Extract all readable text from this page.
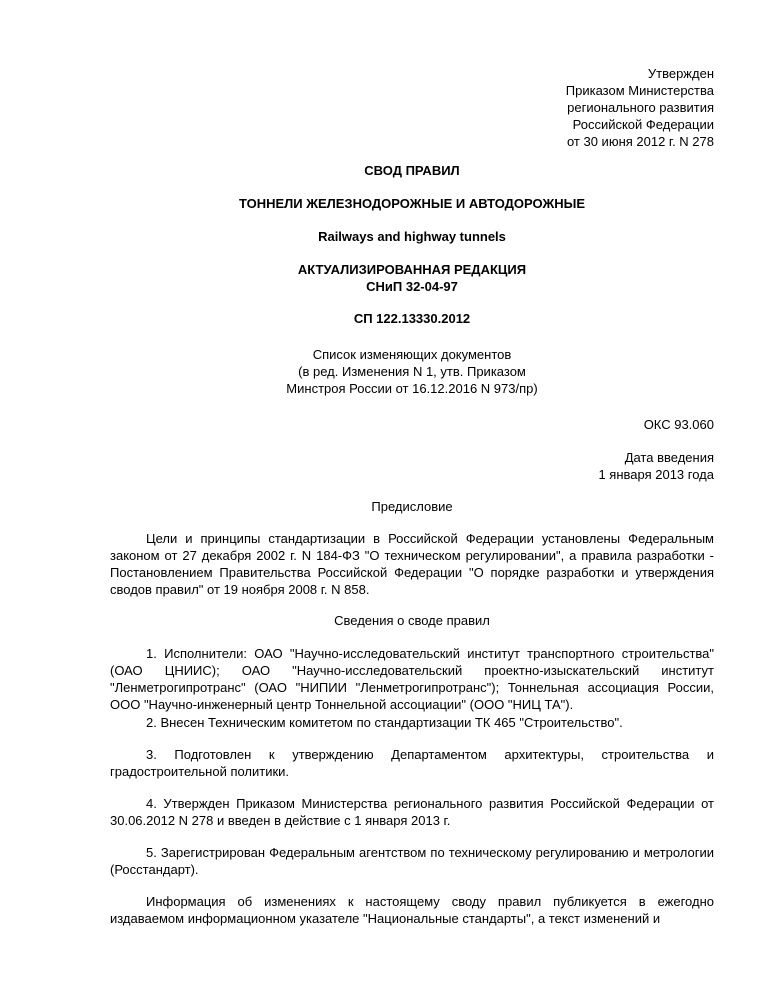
Утвержден
Приказом Министерства
регионального развития
Российской Федерации
от 30 июня 2012 г. N 278
СВОД ПРАВИЛ
ТОННЕЛИ ЖЕЛЕЗНОДОРОЖНЫЕ И АВТОДОРОЖНЫЕ
Railways and highway tunnels
АКТУАЛИЗИРОВАННАЯ РЕДАКЦИЯ
СНиП 32-04-97
СП 122.13330.2012
Список изменяющих документов
(в ред. Изменения N 1, утв. Приказом
Минстроя России от 16.12.2016 N 973/пр)
ОКС 93.060
Дата введения
1 января 2013 года
Предисловие
Цели и принципы стандартизации в Российской Федерации установлены Федеральным законом от 27 декабря 2002 г. N 184-ФЗ "О техническом регулировании", а правила разработки - Постановлением Правительства Российской Федерации "О порядке разработки и утверждения сводов правил" от 19 ноября 2008 г. N 858.
Сведения о своде правил
1. Исполнители: ОАО "Научно-исследовательский институт транспортного строительства" (ОАО ЦНИИС); ОАО "Научно-исследовательский проектно-изыскательский институт "Ленметрогипротранс" (ОАО "НИПИИ "Ленметрогипротранс"); Тоннельная ассоциация России, ООО "Научно-инженерный центр Тоннельной ассоциации" (ООО "НИЦ ТА").
2. Внесен Техническим комитетом по стандартизации ТК 465 "Строительство".
3. Подготовлен к утверждению Департаментом архитектуры, строительства и градостроительной политики.
4. Утвержден Приказом Министерства регионального развития Российской Федерации от 30.06.2012 N 278 и введен в действие с 1 января 2013 г.
5. Зарегистрирован Федеральным агентством по техническому регулированию и метрологии (Росстандарт).
Информация об изменениях к настоящему своду правил публикуется в ежегодно издаваемом информационном указателе "Национальные стандарты", а текст изменений и
